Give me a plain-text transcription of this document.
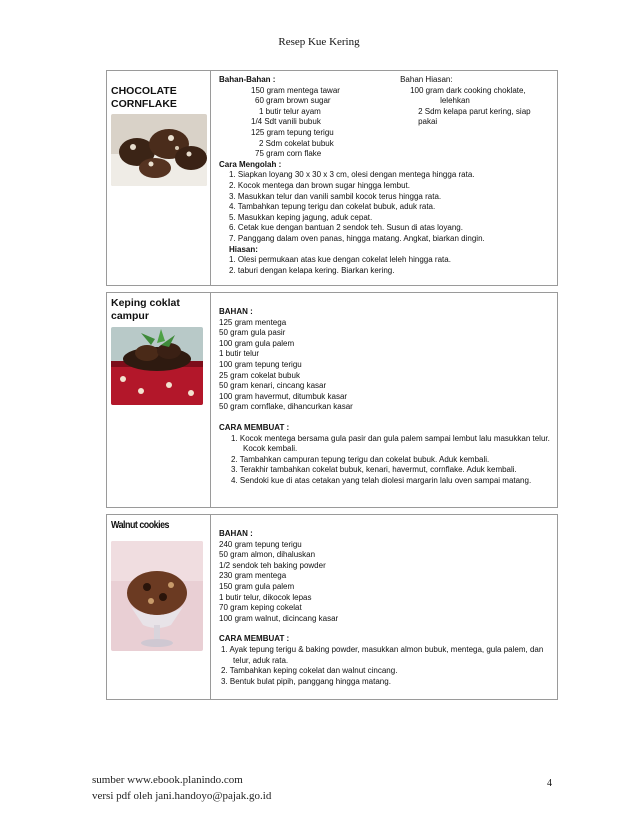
Resep Kue Kering
CHOCOLATE
CORNFLAKE
Bahan-Bahan :
150 gram mentega tawar
60 gram brown sugar
1 butir telur ayam
1/4 Sdt vanili bubuk
125 gram tepung terigu
2 Sdm cokelat bubuk
75 gram corn flake
Bahan Hiasan:
100 gram dark cooking choklate,
lelehkan
2 Sdm kelapa parut kering, siap pakai
Cara Mengolah :
1. Siapkan loyang 30 x 30 x 3 cm, olesi dengan mentega hingga rata.
2. Kocok mentega dan brown sugar hingga lembut.
3. Masukkan telur dan vanili sambil kocok terus hingga rata.
4. Tambahkan tepung terigu dan cokelat bubuk, aduk rata.
5. Masukkan keping jagung, aduk cepat.
6. Cetak kue dengan bantuan 2 sendok teh. Susun di atas loyang.
7. Panggang dalam oven panas, hingga matang. Angkat, biarkan dingin.
Hiasan:
1. Olesi permukaan atas kue dengan cokelat leleh hingga rata.
2. taburi dengan kelapa kering. Biarkan kering.
Keping coklat
campur	BAHAN :
125 gram mentega
50 gram gula pasir
100 gram gula palem
1 butir telur
100 gram tepung terigu
25 gram cokelat bubuk
50 gram kenari, cincang kasar
100 gram havermut, ditumbuk kasar
50 gram cornflake, dihancurkan kasar
CARA MEMBUAT :
1. Kocok mentega bersama gula pasir dan gula palem sampai lembut lalu masukkan telur. Kocok kembali.
2. Tambahkan campuran tepung terigu dan cokelat bubuk. Aduk kembali.
3. Terakhir tambahkan cokelat bubuk, kenari, havermut, cornflake. Aduk kembali.
4. Sendoki kue di atas cetakan yang telah diolesi margarin lalu oven sampai matang.
Walnut cookies
BAHAN :
240 gram tepung terigu
50 gram almon, dihaluskan
1/2 sendok teh baking powder
230 gram mentega
150 gram gula palem
1 butir telur, dikocok lepas
70 gram keping cokelat
100 gram walnut, dicincang kasar
CARA MEMBUAT :
1. Ayak tepung terigu & baking powder, masukkan almon bubuk, mentega, gula palem, dan telur, aduk rata.
2. Tambahkan keping cokelat dan walnut cincang.
3. Bentuk bulat pipih, panggang hingga matang.
sumber www.ebook.planindo.com
versi pdf oleh jani.handoyo@pajak.go.id
4
